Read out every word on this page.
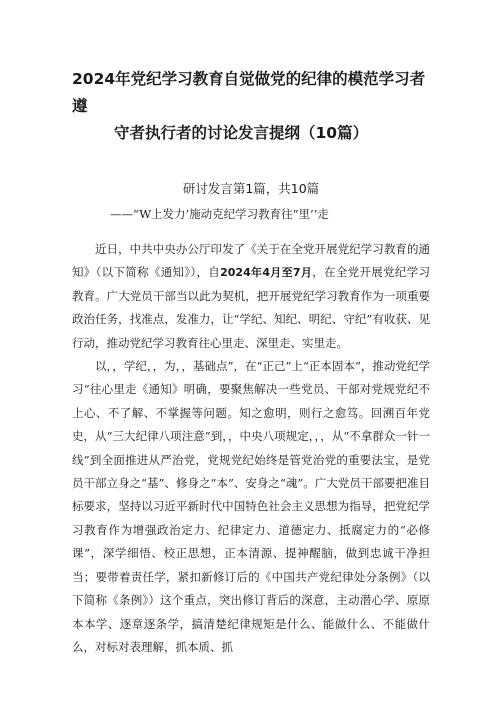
2024年党纪学习教育自觉做党的纪律的模范学习者遵
守者执行者的讨论发言提纲（10篇）
研讨发言第1篇，共10篇
——“W上发力’施动克纪学习教育往“里’’走

近日，中共中央办公厅印发了《关于在全党开展党纪学习教育的通知》（以下简称《通知》），自2024年4月至7月，在全党开展党纪学习教育。广大党员干部当以此为契机，把开展党纪学习教育作为一项重要政治任务，找准点，发准力，让“学纪、知纪、明纪、守纪”有收获、见行动，推动党纪学习教育往心里走、深里走、实里走。

以，，学纪，，为，，基础点”，在“正己”上“正本固本”，推动党纪学习“往心里走《通知》明确，要聚焦解决一些党员、干部对党规党纪不上心、不了解、不掌握等问题。知之愈明，则行之愈笃。回溯百年党史，从“三大纪律八项注意”到，，中央八项规定，，，从“不拿群众一针一线”到全面推进从严治党，党规党纪始终是管党治党的重要法宝，是党员干部立身之“基”、修身之“本”、安身之“魂”。广大党员干部要把准目标要求，坚持以习近平新时代中国特色社会主义思想为指导，把党纪学习教育作为增强政治定力、纪律定力、道德定力、抵腐定力的“必修课”，深学细悟、校正思想，正本清源、提神醒脑，做到忠诚干净担当；要带着责任学，紧扣新修订后的《中国共产党纪律处分条例》（以下简称《条例》）这个重点，突出修订背后的深意，主动潜心学、原原本本学、逐章逐条学，搞清楚纪律规矩是什么、能做什么、不能做什么，对标对表理解，抓本质、抓
